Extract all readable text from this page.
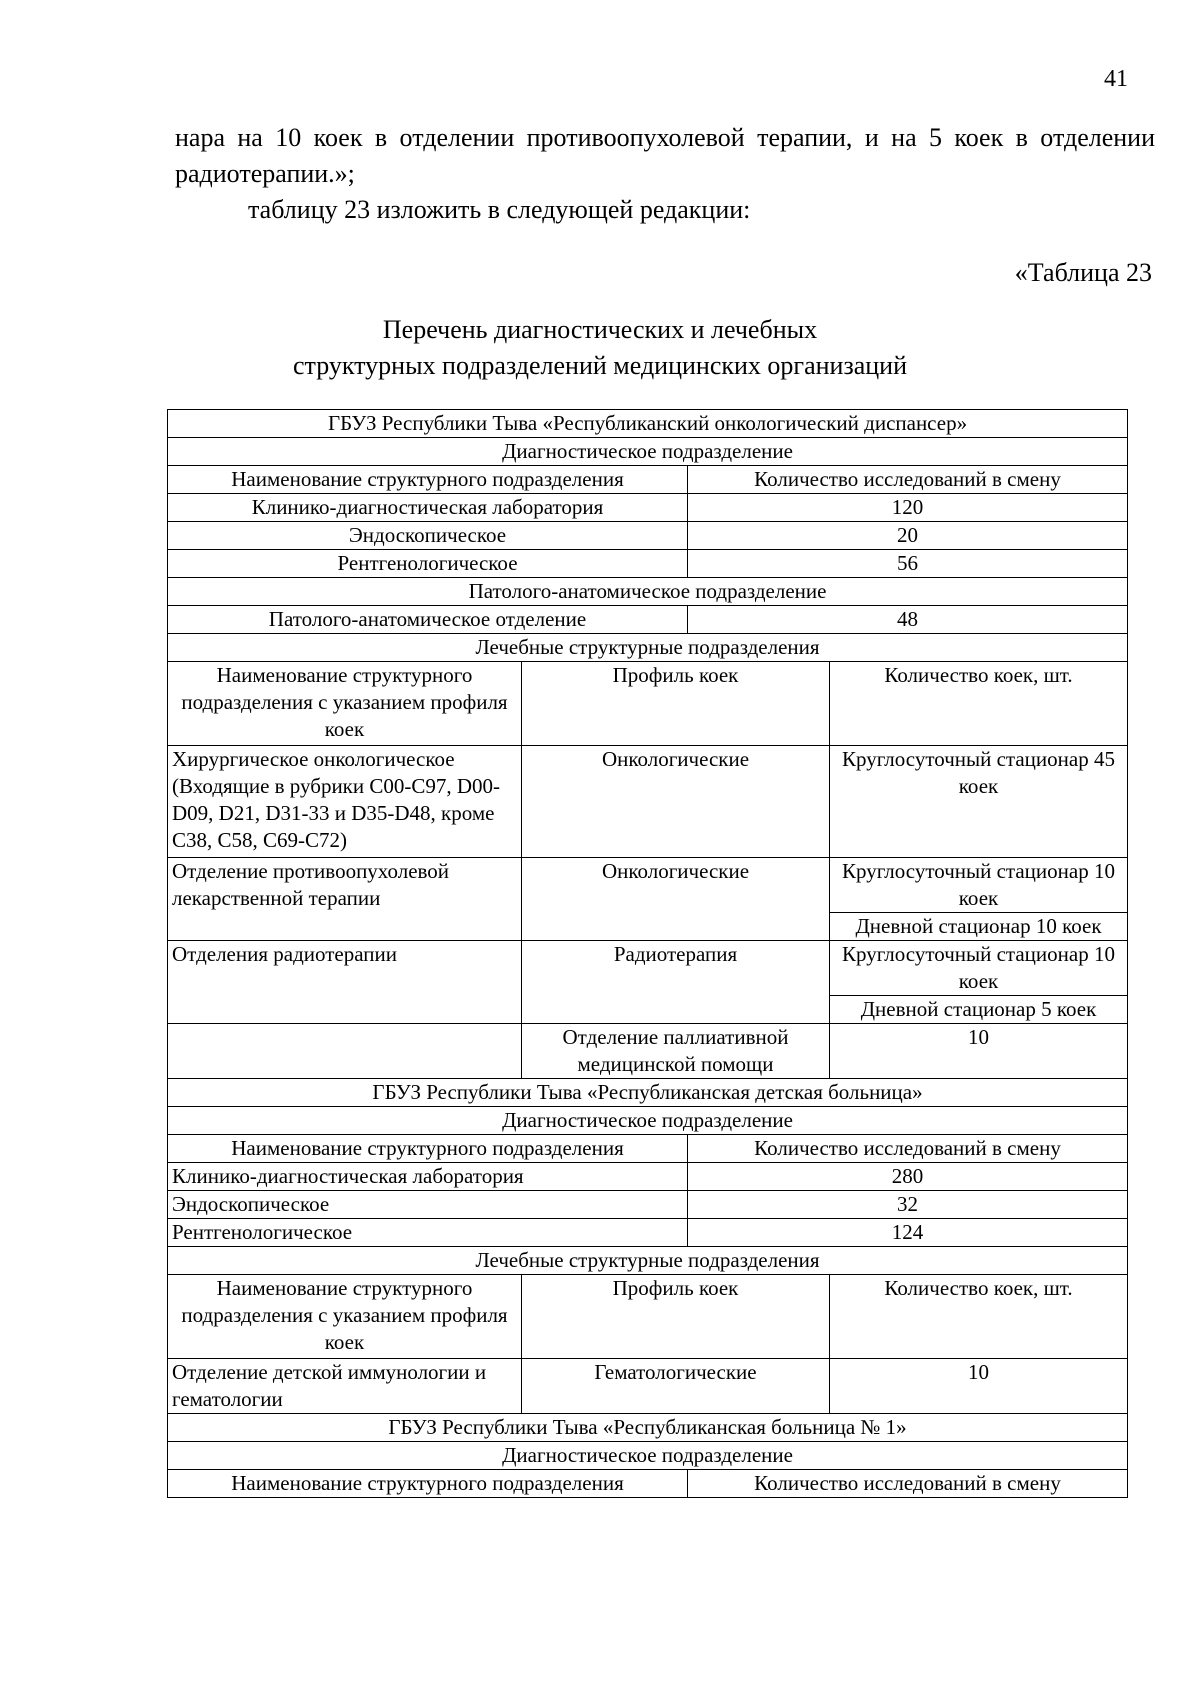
41
нара на 10 коек в отделении противоопухолевой терапии, и на 5 коек в отделении радиотерапии.»;
таблицу 23 изложить в следующей редакции:
«Таблица 23
Перечень диагностических и лечебных
структурных подразделений медицинских организаций
ГБУЗ Республики Тыва «Республиканский онкологический диспансер»			
Диагностическое подразделение			
Наименование структурного подразделения		Количество исследований в смену	
Клинико-диагностическая лаборатория		120	
Эндоскопическое		20	
Рентгенологическое		56	
Патолого-анатомическое подразделение			
Патолого-анатомическое отделение		48	
Лечебные структурные подразделения			
Наименование структурного подразделения с указанием профиля коек	Профиль коек		Количество коек, шт.
Хирургическое онкологическое (Входящие в рубрики С00-С97, D00-D09, D21, D31-33 и D35-D48, кроме С38, С58, С69-С72)	Онкологические		Круглосуточный стационар 45 коек
Отделение противоопухолевой лекарственной терапии	Онкологические		Круглосуточный стационар 10 коек
			Дневной стационар 10 коек
Отделения радиотерапии	Радиотерапия		Круглосуточный стационар 10 коек
			Дневной стационар 5 коек
	Отделение паллиативной медицинской помощи		10
ГБУЗ Республики Тыва «Республиканская детская больница»			
Диагностическое подразделение			
Наименование структурного подразделения		Количество исследований в смену	
Клинико-диагностическая лаборатория		280	
Эндоскопическое		32	
Рентгенологическое		124	
Лечебные структурные подразделения			
Наименование структурного подразделения с указанием профиля коек	Профиль коек		Количество коек, шт.
Отделение детской иммунологии и гематологии	Гематологические		10
ГБУЗ Республики Тыва «Республиканская больница № 1»			
Диагностическое подразделение			
Наименование структурного подразделения		Количество исследований в смену	
